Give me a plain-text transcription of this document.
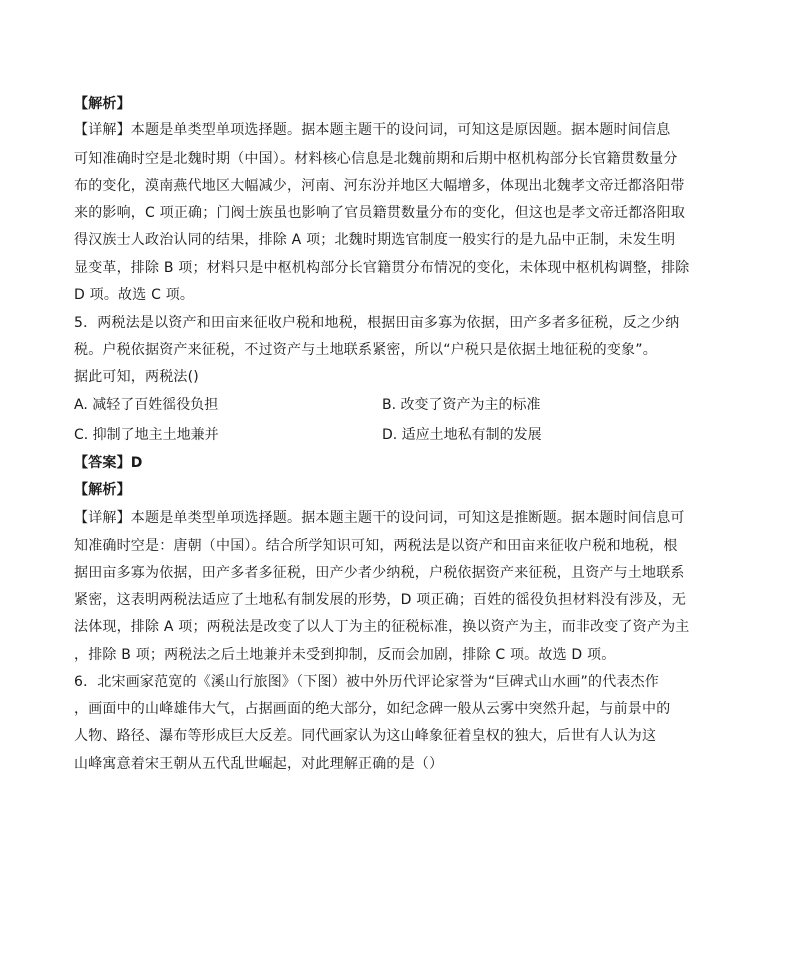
【解析】
【详解】本题是单类型单项选择题。据本题主题干的设问词，可知这是原因题。据本题时间信息
可知准确时空是北魏时期（中国）。材料核心信息是北魏前期和后期中枢机构部分长官籍贯数量分
布的变化，漠南燕代地区大幅减少，河南、河东汾并地区大幅增多，体现出北魏孝文帝迁都洛阳带
来的影响，C 项正确；门阀士族虽也影响了官员籍贯数量分布的变化，但这也是孝文帝迁都洛阳取
得汉族士人政治认同的结果，排除 A 项；北魏时期选官制度一般实行的是九品中正制，未发生明
显变革，排除 B 项；材料只是中枢机构部分长官籍贯分布情况的变化，未体现中枢机构调整，排除
D 项。故选 C 项。
5．两税法是以资产和田亩来征收户税和地税，根据田亩多寡为依据，田产多者多征税，反之少纳
税。户税依据资产来征税，不过资产与土地联系紧密，所以“户税只是依据土地征税的变象”。
据此可知，两税法()
A. 减轻了百姓徭役负担	B. 改变了资产为主的标准
C. 抑制了地主土地兼并	D. 适应土地私有制的发展
【答案】D
【解析】
【详解】本题是单类型单项选择题。据本题主题干的设问词，可知这是推断题。据本题时间信息可
知准确时空是：唐朝（中国）。结合所学知识可知，两税法是以资产和田亩来征收户税和地税，根
据田亩多寡为依据，田产多者多征税，田产少者少纳税，户税依据资产来征税，且资产与土地联系
紧密，这表明两税法适应了土地私有制发展的形势，D 项正确；百姓的徭役负担材料没有涉及，无
法体现，排除 A 项；两税法是改变了以人丁为主的征税标准，换以资产为主，而非改变了资产为主
，排除 B 项；两税法之后土地兼并未受到抑制，反而会加剧，排除 C 项。故选 D 项。
6．北宋画家范宽的《溪山行旅图》（下图）被中外历代评论家誉为“巨碑式山水画”的代表杰作
，画面中的山峰雄伟大气，占据画面的绝大部分，如纪念碑一般从云雾中突然升起，与前景中的
人物、路径、瀑布等形成巨大反差。同代画家认为这山峰象征着皇权的独大，后世有人认为这
山峰寓意着宋王朝从五代乱世崛起，对此理解正确的是（）
